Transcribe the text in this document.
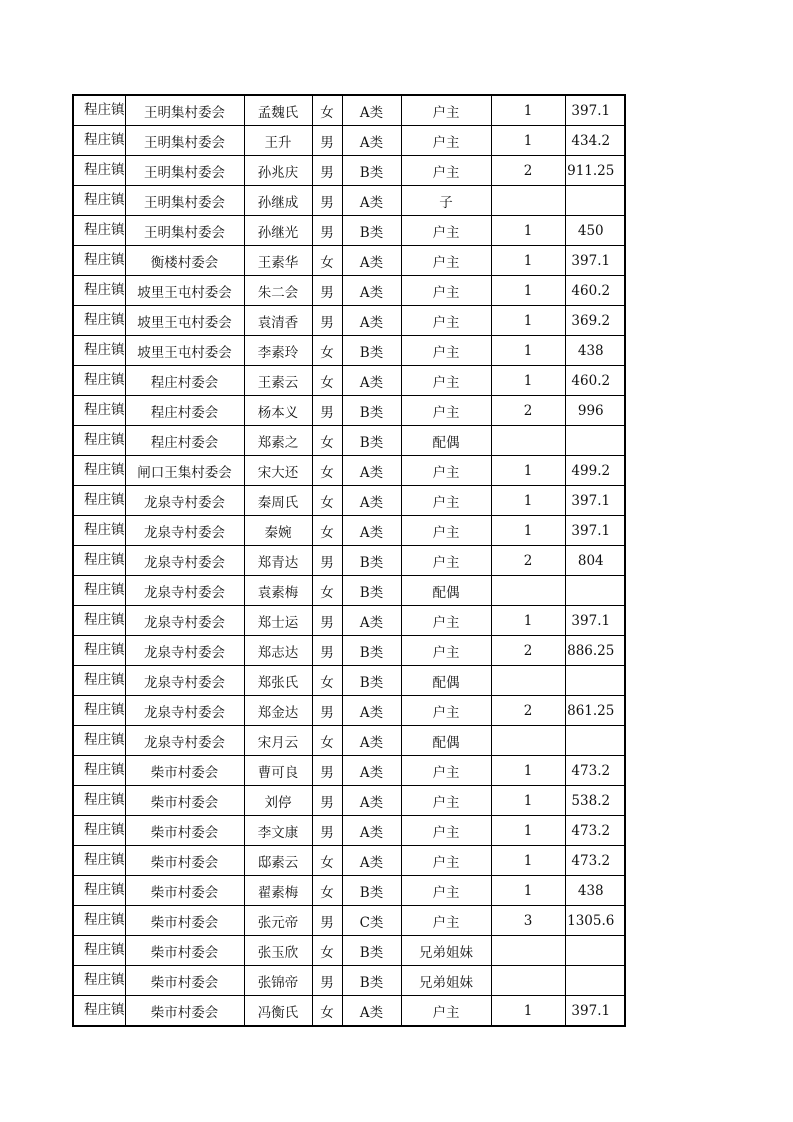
程庄镇	王明集村委会	孟魏氏	女	A类	户主	1	397.1
程庄镇	王明集村委会	王升	男	A类	户主	1	434.2
程庄镇	王明集村委会	孙兆庆	男	B类	户主	2	911.25
程庄镇	王明集村委会	孙继成	男	A类	子		
程庄镇	王明集村委会	孙继光	男	B类	户主	1	450
程庄镇	衡楼村委会	王素华	女	A类	户主	1	397.1
程庄镇	坡里王屯村委会	朱二会	男	A类	户主	1	460.2
程庄镇	坡里王屯村委会	袁清香	男	A类	户主	1	369.2
程庄镇	坡里王屯村委会	李素玲	女	B类	户主	1	438
程庄镇	程庄村委会	王素云	女	A类	户主	1	460.2
程庄镇	程庄村委会	杨本义	男	B类	户主	2	996
程庄镇	程庄村委会	郑素之	女	B类	配偶		
程庄镇	闸口王集村委会	宋大还	女	A类	户主	1	499.2
程庄镇	龙泉寺村委会	秦周氏	女	A类	户主	1	397.1
程庄镇	龙泉寺村委会	秦婉	女	A类	户主	1	397.1
程庄镇	龙泉寺村委会	郑青达	男	B类	户主	2	804
程庄镇	龙泉寺村委会	袁素梅	女	B类	配偶		
程庄镇	龙泉寺村委会	郑士运	男	A类	户主	1	397.1
程庄镇	龙泉寺村委会	郑志达	男	B类	户主	2	886.25
程庄镇	龙泉寺村委会	郑张氏	女	B类	配偶		
程庄镇	龙泉寺村委会	郑金达	男	A类	户主	2	861.25
程庄镇	龙泉寺村委会	宋月云	女	A类	配偶		
程庄镇	柴市村委会	曹可良	男	A类	户主	1	473.2
程庄镇	柴市村委会	刘停	男	A类	户主	1	538.2
程庄镇	柴市村委会	李文康	男	A类	户主	1	473.2
程庄镇	柴市村委会	邸素云	女	A类	户主	1	473.2
程庄镇	柴市村委会	翟素梅	女	B类	户主	1	438
程庄镇	柴市村委会	张元帝	男	C类	户主	3	1305.6
程庄镇	柴市村委会	张玉欣	女	B类	兄弟姐妹		
程庄镇	柴市村委会	张锦帝	男	B类	兄弟姐妹		
程庄镇	柴市村委会	冯衡氏	女	A类	户主	1	397.1
